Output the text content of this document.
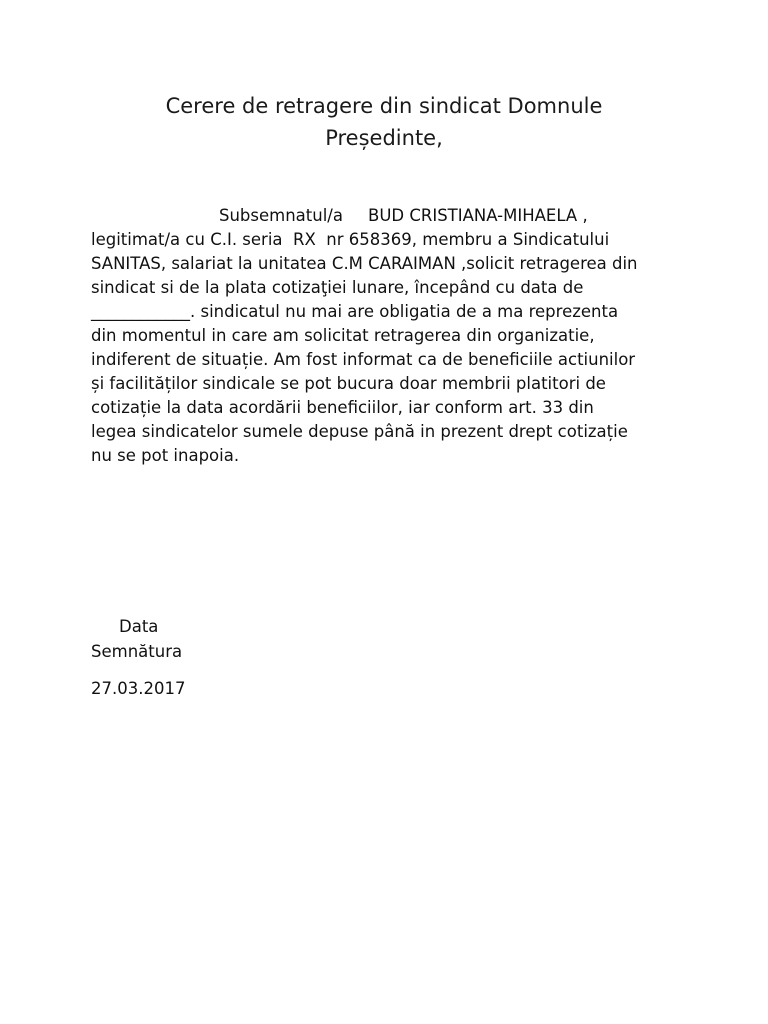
Cerere de retragere din sindicat Domnule
Președinte,

Subsemnatul/a

BUD CRISTIANA-MIHAELA ,

legitimat/a cu C.I. seria  RX  nr 658369, membru a Sindicatului
SANITAS, salariat la unitatea C.M CARAIMAN ,solicit retragerea din
sindicat si de la plata cotizaţiei lunare, începând cu data de
____________. sindicatul nu mai are obligatia de a ma reprezenta
din momentul in care am solicitat retragerea din organizatie,
indiferent de situație. Am fost informat ca de beneficiile actiunilor
și facilităților sindicale se pot bucura doar membrii platitori de
cotizație la data acordării beneficiilor, iar conform art. 33 din
legea sindicatelor sumele depuse până in prezent drept cotizație
nu se pot inapoia.
Data
Semnătura
27.03.2017
